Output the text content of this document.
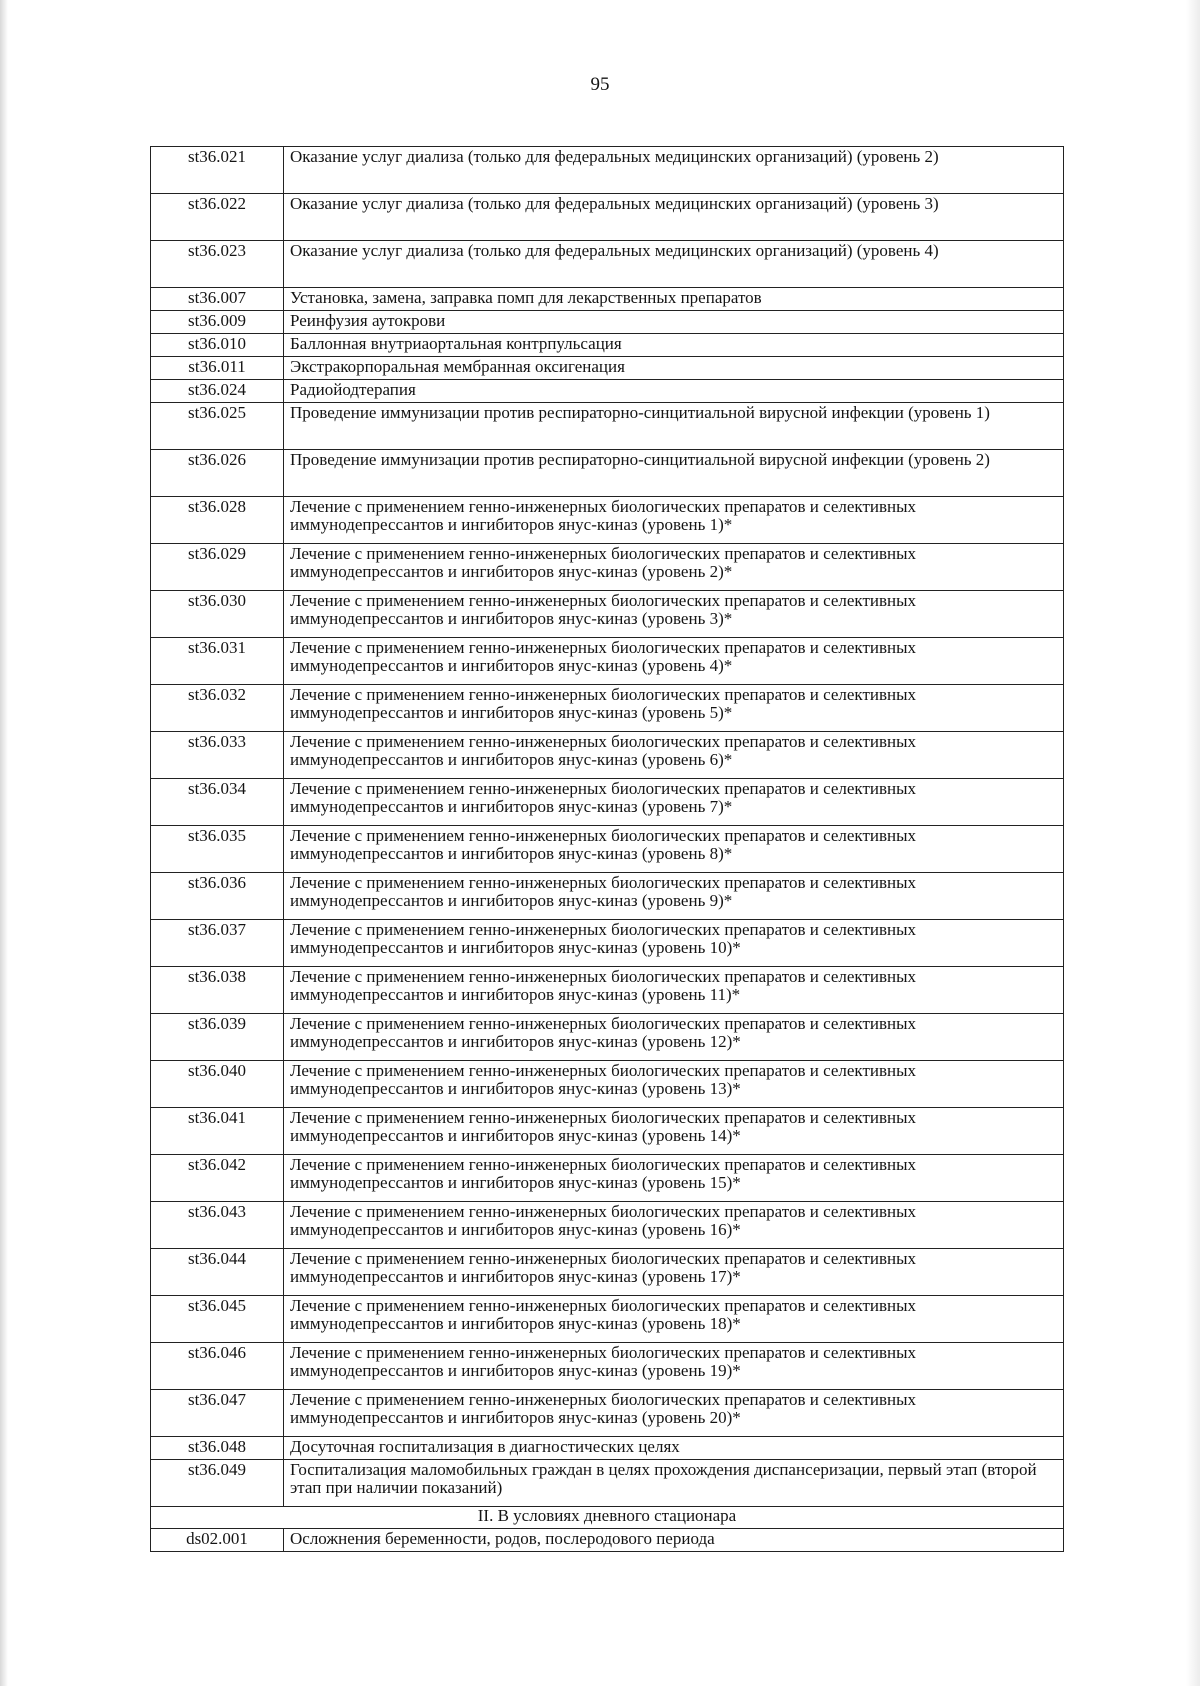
95
st36.021	Оказание услуг диализа (только для федеральных медицинских организаций) (уровень 2)
st36.022	Оказание услуг диализа (только для федеральных медицинских организаций) (уровень 3)
st36.023	Оказание услуг диализа (только для федеральных медицинских организаций) (уровень 4)
st36.007	Установка, замена, заправка помп для лекарственных препаратов
st36.009	Реинфузия аутокрови
st36.010	Баллонная внутриаортальная контрпульсация
st36.011	Экстракорпоральная мембранная оксигенация
st36.024	Радиойодтерапия
st36.025	Проведение иммунизации против респираторно-синцитиальной вирусной инфекции (уровень 1)
st36.026	Проведение иммунизации против респираторно-синцитиальной вирусной инфекции (уровень 2)
st36.028	Лечение с применением генно-инженерных биологических препаратов и селективных иммунодепрессантов и ингибиторов янус-киназ (уровень 1)*
st36.029	Лечение с применением генно-инженерных биологических препаратов и селективных иммунодепрессантов и ингибиторов янус-киназ (уровень 2)*
st36.030	Лечение с применением генно-инженерных биологических препаратов и селективных иммунодепрессантов и ингибиторов янус-киназ (уровень 3)*
st36.031	Лечение с применением генно-инженерных биологических препаратов и селективных иммунодепрессантов и ингибиторов янус-киназ (уровень 4)*
st36.032	Лечение с применением генно-инженерных биологических препаратов и селективных иммунодепрессантов и ингибиторов янус-киназ (уровень 5)*
st36.033	Лечение с применением генно-инженерных биологических препаратов и селективных иммунодепрессантов и ингибиторов янус-киназ (уровень 6)*
st36.034	Лечение с применением генно-инженерных биологических препаратов и селективных иммунодепрессантов и ингибиторов янус-киназ (уровень 7)*
st36.035	Лечение с применением генно-инженерных биологических препаратов и селективных иммунодепрессантов и ингибиторов янус-киназ (уровень 8)*
st36.036	Лечение с применением генно-инженерных биологических препаратов и селективных иммунодепрессантов и ингибиторов янус-киназ (уровень 9)*
st36.037	Лечение с применением генно-инженерных биологических препаратов и селективных иммунодепрессантов и ингибиторов янус-киназ (уровень 10)*
st36.038	Лечение с применением генно-инженерных биологических препаратов и селективных иммунодепрессантов и ингибиторов янус-киназ (уровень 11)*
st36.039	Лечение с применением генно-инженерных биологических препаратов и селективных иммунодепрессантов и ингибиторов янус-киназ (уровень 12)*
st36.040	Лечение с применением генно-инженерных биологических препаратов и селективных иммунодепрессантов и ингибиторов янус-киназ (уровень 13)*
st36.041	Лечение с применением генно-инженерных биологических препаратов и селективных иммунодепрессантов и ингибиторов янус-киназ (уровень 14)*
st36.042	Лечение с применением генно-инженерных биологических препаратов и селективных иммунодепрессантов и ингибиторов янус-киназ (уровень 15)*
st36.043	Лечение с применением генно-инженерных биологических препаратов и селективных иммунодепрессантов и ингибиторов янус-киназ (уровень 16)*
st36.044	Лечение с применением генно-инженерных биологических препаратов и селективных иммунодепрессантов и ингибиторов янус-киназ (уровень 17)*
st36.045	Лечение с применением генно-инженерных биологических препаратов и селективных иммунодепрессантов и ингибиторов янус-киназ (уровень 18)*
st36.046	Лечение с применением генно-инженерных биологических препаратов и селективных иммунодепрессантов и ингибиторов янус-киназ (уровень 19)*
st36.047	Лечение с применением генно-инженерных биологических препаратов и селективных иммунодепрессантов и ингибиторов янус-киназ (уровень 20)*
st36.048	Досуточная госпитализация в диагностических целях
st36.049	Госпитализация маломобильных граждан в целях прохождения диспансеризации, первый этап (второй этап при наличии показаний)
II. В условиях дневного стационара	
ds02.001	Осложнения беременности, родов, послеродового периода
